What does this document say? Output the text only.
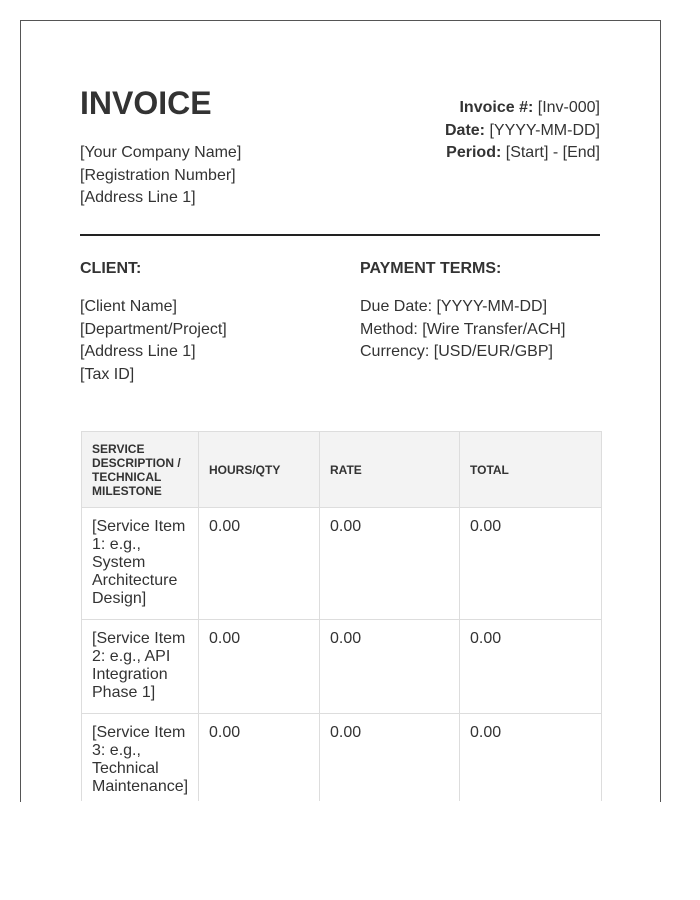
INVOICE
[Your Company Name]
[Registration Number]
[Address Line 1]
Invoice #: [Inv-000]
Date: [YYYY-MM-DD]
Period: [Start] - [End]
CLIENT:
[Client Name]
[Department/Project]
[Address Line 1]
[Tax ID]
PAYMENT TERMS:
Due Date: [YYYY-MM-DD]
Method: [Wire Transfer/ACH]
Currency: [USD/EUR/GBP]
SERVICE DESCRIPTION / TECHNICAL MILESTONE	HOURS/QTY	RATE	TOTAL
[Service Item 1: e.g., System Architecture Design]	0.00	0.00	0.00
[Service Item 2: e.g., API Integration Phase 1]	0.00	0.00	0.00
[Service Item 3: e.g., Technical Maintenance]	0.00	0.00	0.00
